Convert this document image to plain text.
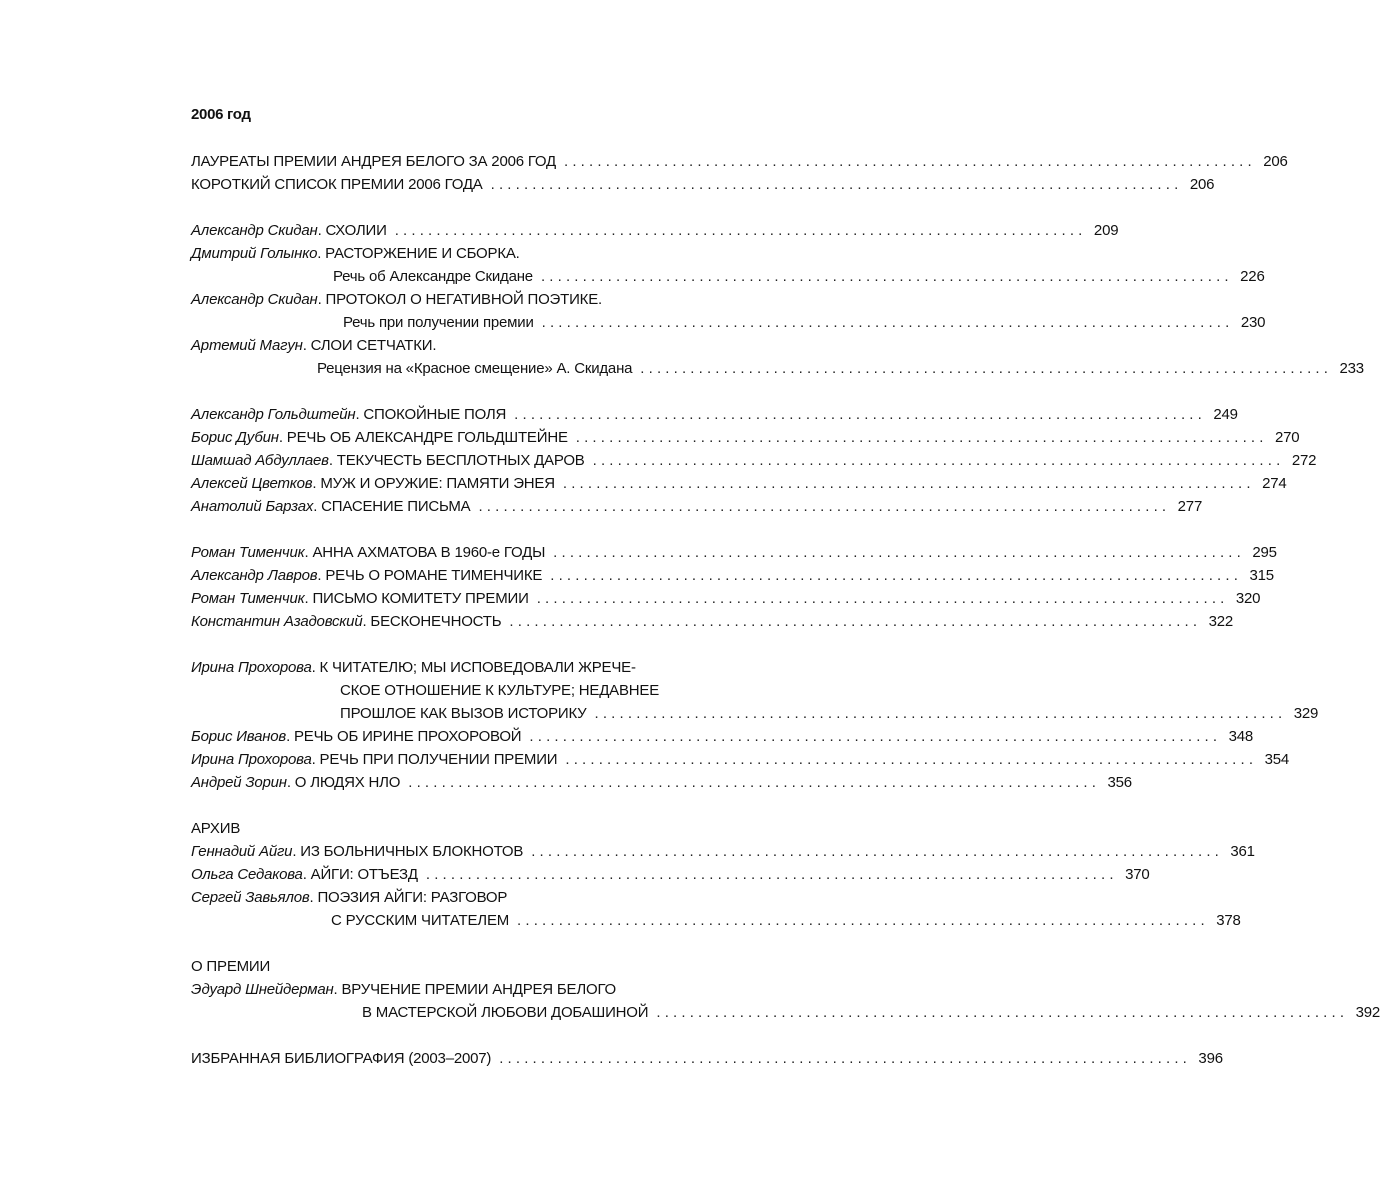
2006 год
ЛАУРЕАТЫ ПРЕМИИ АНДРЕЯ БЕЛОГО ЗА 2006 ГОД . . .	206
КОРОТКИЙ СПИСОК ПРЕМИИ 2006 ГОДА . . .	206
Александр Скидан. СХОЛИИ . . .	209
Дмитрий Голынко. РАСТОРЖЕНИЕ И СБОРКА.
Речь об Александре Скидане . . .	226
Александр Скидан. ПРОТОКОЛ О НЕГАТИВНОЙ ПОЭТИКЕ.
Речь при получении премии . . .	230
Артемий Магун. СЛОИ СЕТЧАТКИ.
Рецензия на «Красное смещение» А. Скидана . . .	233
Александр Гольдштейн. СПОКОЙНЫЕ ПОЛЯ . . .	249
Борис Дубин. РЕЧЬ ОБ АЛЕКСАНДРЕ ГОЛЬДШТЕЙНЕ . . .	270
Шамшад Абдуллаев. ТЕКУЧЕСТЬ БЕСПЛОТНЫХ ДАРОВ . . .	272
Алексей Цветков. МУЖ И ОРУЖИЕ: ПАМЯТИ ЭНЕЯ . . .	274
Анатолий Барзах. СПАСЕНИЕ ПИСЬМА . . .	277
Роман Тименчик. АННА АХМАТОВА В 1960-е ГОДЫ . . .	295
Александр Лавров. РЕЧЬ О РОМАНЕ ТИМЕНЧИКЕ . . .	315
Роман Тименчик. ПИСЬМО КОМИТЕТУ ПРЕМИИ . . .	320
Константин Азадовский. БЕСКОНЕЧНОСТЬ . . .	322
Ирина Прохорова. К ЧИТАТЕЛЮ; МЫ ИСПОВЕДОВАЛИ ЖРЕЧЕ-
СКОЕ ОТНОШЕНИЕ К КУЛЬТУРЕ; НЕДАВНЕЕ
ПРОШЛОЕ КАК ВЫЗОВ ИСТОРИКУ . . .	329
Борис Иванов. РЕЧЬ ОБ ИРИНЕ ПРОХОРОВОЙ . . .	348
Ирина Прохорова. РЕЧЬ ПРИ ПОЛУЧЕНИИ ПРЕМИИ . . .	354
Андрей Зорин. О ЛЮДЯХ НЛО . . .	356
АРХИВ
Геннадий Айги. ИЗ БОЛЬНИЧНЫХ БЛОКНОТОВ . . .	361
Ольга Седакова. АЙГИ: ОТЪЕЗД . . .	370
Сергей Завьялов. ПОЭЗИЯ АЙГИ: РАЗГОВОР
С РУССКИМ ЧИТАТЕЛЕМ . . .	378
О ПРЕМИИ
Эдуард Шнейдерман. ВРУЧЕНИЕ ПРЕМИИ АНДРЕЯ БЕЛОГО
В МАСТЕРСКОЙ ЛЮБОВИ ДОБАШИНОЙ . . .	392
ИЗБРАННАЯ БИБЛИОГРАФИЯ (2003–2007) . . .	396
